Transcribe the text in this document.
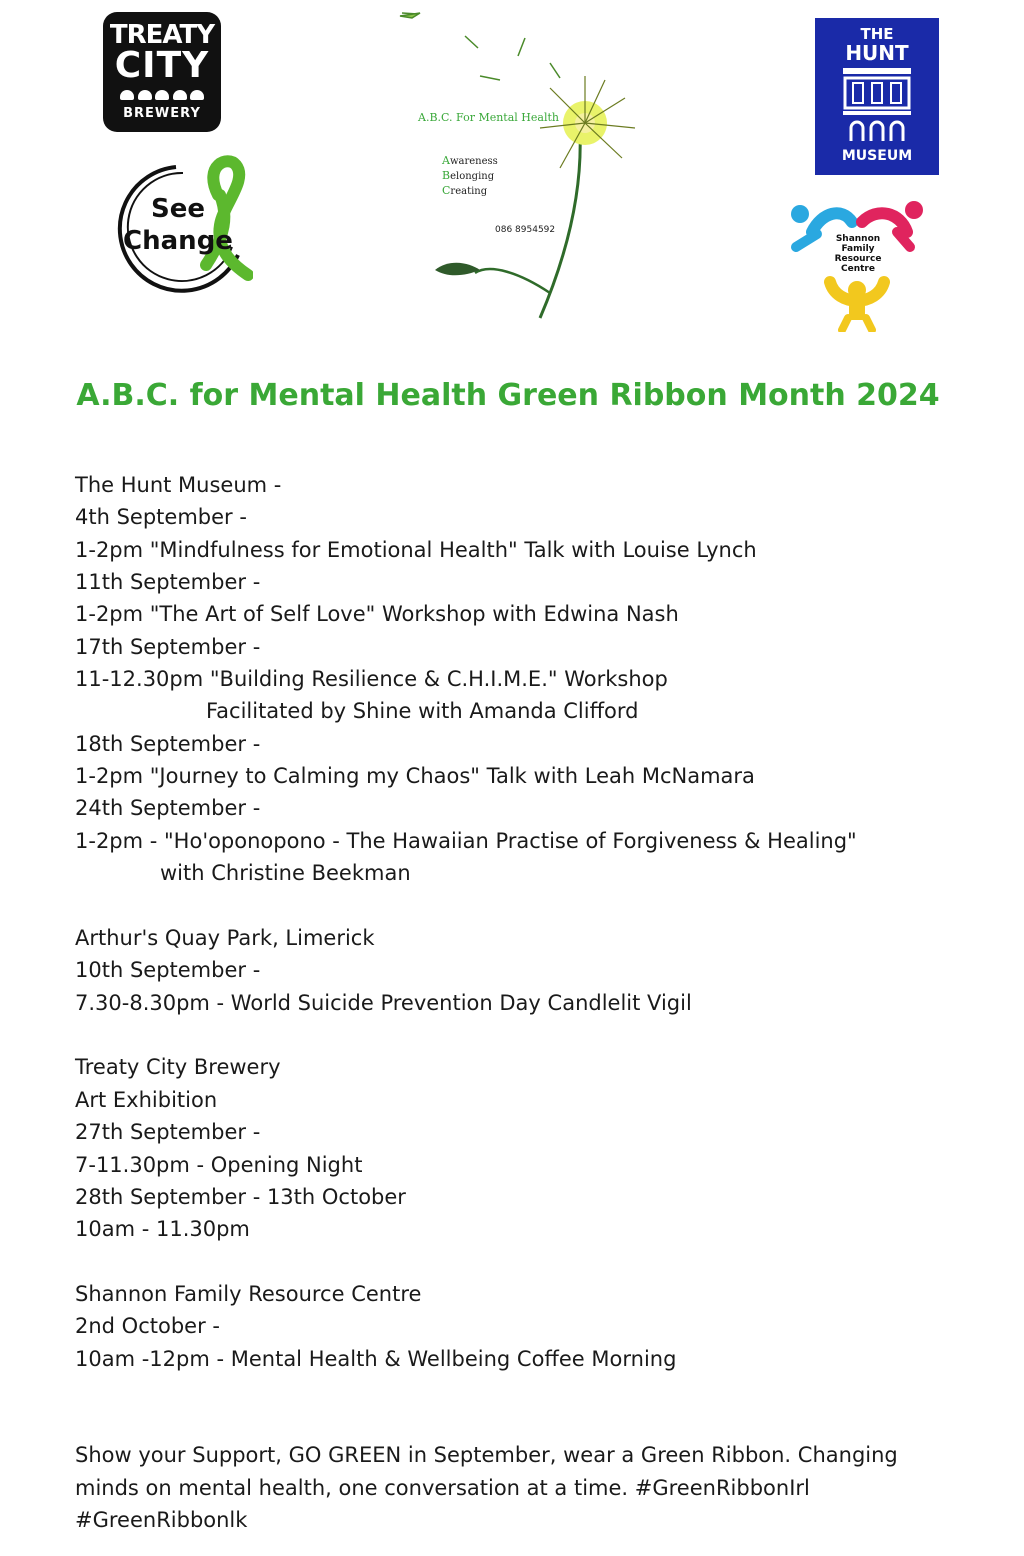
TREATY
CITY
BREWERY	A.B.C. For Mental Health
Awareness
Belonging
Creating
086 8954592
THE
HUNT
MUSEUM
See
Change	Shannon
Family
Resource
Centre
A.B.C. for Mental Health Green Ribbon Month 2024
The Hunt Museum -
4th September -
1-2pm "Mindfulness for Emotional Health" Talk with Louise Lynch
11th September -
1-2pm "The Art of Self Love" Workshop with Edwina Nash
17th September -
11-12.30pm "Building Resilience & C.H.I.M.E." Workshop
Facilitated by Shine with Amanda Clifford
18th September -
1-2pm "Journey to Calming my Chaos" Talk with Leah McNamara
24th September -
1-2pm - "Ho'oponopono - The Hawaiian Practise of Forgiveness & Healing"
with Christine Beekman
Arthur's Quay Park, Limerick
10th September -
7.30-8.30pm - World Suicide Prevention Day Candlelit Vigil
Treaty City Brewery
Art Exhibition
27th September -
7-11.30pm - Opening Night
28th September - 13th October
10am - 11.30pm
Shannon Family Resource Centre
2nd October -
10am -12pm - Mental Health & Wellbeing Coffee Morning
Show your Support, GO GREEN in September, wear a Green Ribbon. Changing
minds on mental health, one conversation at a time. #GreenRibbonIrl
#GreenRibbonlk
